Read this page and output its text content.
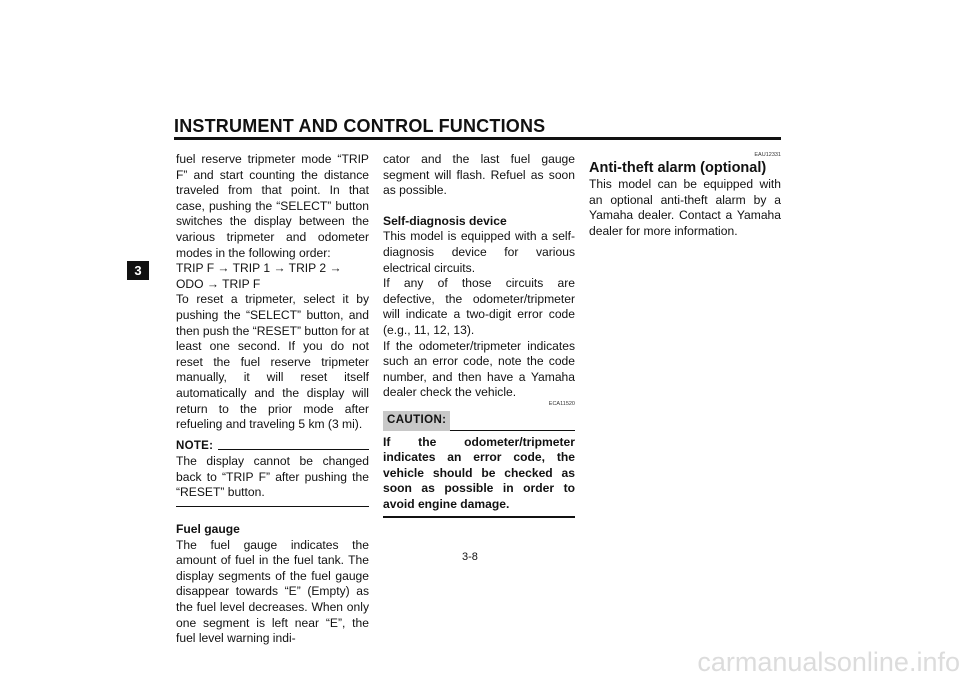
INSTRUMENT AND CONTROL FUNCTIONS
3

fuel reserve tripmeter mode “TRIP F” and start counting the distance traveled from that point. In that case, pushing the “SELECT” button switches the display between the various tripmeter and odometer modes in the following order:

TRIP F → TRIP 1 → TRIP 2 → ODO → TRIP F

To reset a tripmeter, select it by pushing the “SELECT” button, and then push the “RESET” button for at least one second. If you do not reset the fuel reserve tripmeter manually, it will reset itself automatically and the display will return to the prior mode after refueling and traveling 5 km (3 mi).

NOTE:

The display cannot be changed back to “TRIP F” after pushing the “RESET” button.

Fuel gauge

The fuel gauge indicates the amount of fuel in the fuel tank. The display segments of the fuel gauge disappear towards “E” (Empty) as the fuel level decreases. When only one segment is left near “E”, the fuel level warning indi-

cator and the last fuel gauge segment will flash. Refuel as soon as possible.

Self-diagnosis device

This model is equipped with a self-diagnosis device for various electrical circuits.

If any of those circuits are defective, the odometer/tripmeter will indicate a two-digit error code (e.g., 11, 12, 13).

If the odometer/tripmeter indicates such an error code, note the code number, and then have a Yamaha dealer check the vehicle.

ECA11520
CAUTION:

If the odometer/tripmeter indicates an error code, the vehicle should be checked as soon as possible in order to avoid engine damage.

EAU12331

Anti-theft alarm (optional)

This model can be equipped with an optional anti-theft alarm by a Yamaha dealer. Contact a Yamaha dealer for more information.

3-8
carmanualsonline.info
